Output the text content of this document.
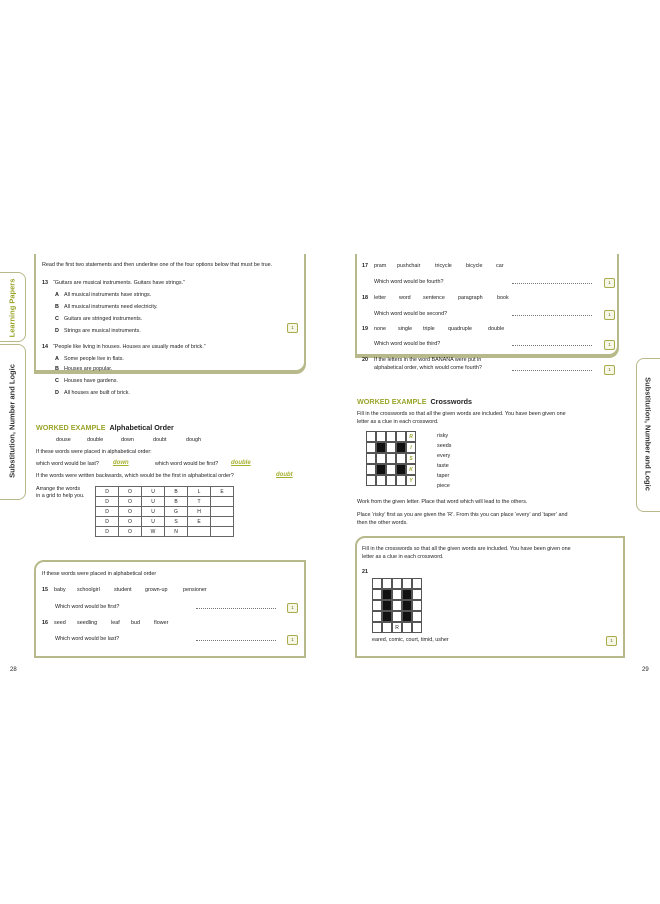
Learning Papers
Substitution, Number and Logic
Read the first two statements and then underline one of the four options below that must be true.
13 “Guitars are musical instruments. Guitars have strings.”
A All musical instruments have strings.
B All musical instruments need electricity.
C Guitars are stringed instruments.
D Strings are musical instruments.
1
14 “People like living in houses. Houses are usually made of brick.”
A Some people live in flats.
B Houses are popular.
C Houses have gardens.
D All houses are built of brick.
WORKED EXAMPLE Alphabetical Order
douse	double	down	doubt	dough
If these words were placed in alphabetical order:
which word would be last? down	which word would be first? double
If the words were written backwards, which would be the first in alphabetical order?	doubt
Arrange the words
in a grid to help you.
D	O	U	B	L	E
D	O	U	B	T	
D	O	U	G	H	
D	O	U	S	E	
D	O	W	N		
If these words were placed in alphabetical order
15 baby schoolgirl	student grown-up	pensioner
Which word would be first?	1
16 seed seedling	leaf bud	flower
Which word would be last?	1
28
Substitution, Number and Logic
17 pram pushchair	tricycle	bicycle	car
Which word would be fourth?	1
18 letter word sentence paragraph	book
Which word would be second?	1
19 none single triple quadruple	double
Which word would be third?	1
20 If the letters in the word BANANA were put in
alphabetical order, which would come fourth?	1
WORKED EXAMPLE Crosswords
Fill in the crosswords so that all the given words are included. You have been given one
letter as a clue in each crossword.
R
I
S
K
Y
risky
seeds
every
taste
taper
piece
Work from the given letter. Place that word which will lead to the others.
Place ‘risky’ first as you are given the ‘R’. From this you can place ‘every’ and ‘taper’ and
then the other words.
Fill in the crosswords so that all the given words are included. You have been given one
letter as a clue in each crossword.
21
R
eared, comic, court, timid, usher	1
29
